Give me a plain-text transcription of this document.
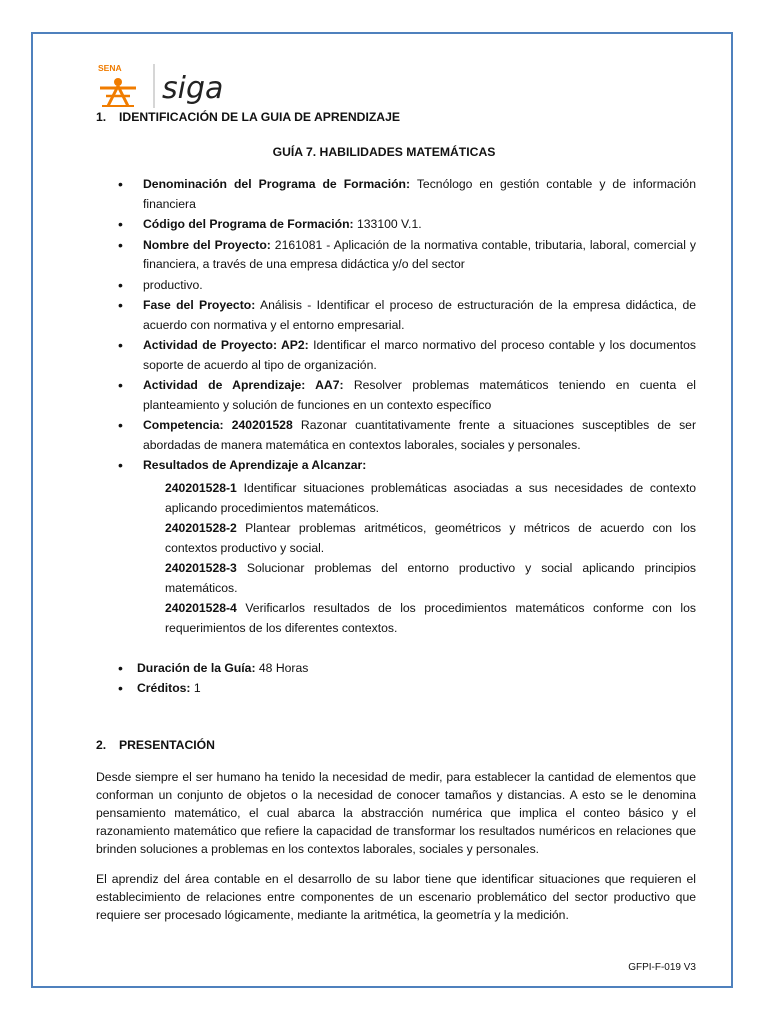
SENA
siga
1. IDENTIFICACIÓN DE LA GUIA DE APRENDIZAJE
GUÍA 7. HABILIDADES MATEMÁTICAS
• Denominación del Programa de Formación: Tecnólogo en gestión contable y de información financiera
• Código del Programa de Formación: 133100 V.1.
• Nombre del Proyecto: 2161081 - Aplicación de la normativa contable, tributaria, laboral, comercial y financiera, a través de una empresa didáctica y/o del sector
• productivo.
• Fase del Proyecto: Análisis - Identificar el proceso de estructuración de la empresa didáctica, de acuerdo con normativa y el entorno empresarial.
• Actividad de Proyecto: AP2: Identificar el marco normativo del proceso contable y los documentos soporte de acuerdo al tipo de organización.
• Actividad de Aprendizaje: AA7: Resolver problemas matemáticos teniendo en cuenta el planteamiento y solución de funciones en un contexto específico
• Competencia: 240201528 Razonar cuantitativamente frente a situaciones susceptibles de ser abordadas de manera matemática en contextos laborales, sociales y personales.
• Resultados de Aprendizaje a Alcanzar:

240201528-1 Identificar situaciones problemáticas asociadas a sus necesidades de contexto aplicando procedimientos matemáticos.

240201528-2 Plantear problemas aritméticos, geométricos y métricos de acuerdo con los contextos productivo y social.

240201528-3 Solucionar problemas del entorno productivo y social aplicando principios matemáticos.

240201528-4 Verificarlos resultados de los procedimientos matemáticos conforme con los requerimientos de los diferentes contextos.

• Duración de la Guía: 48 Horas
• Créditos: 1
2. PRESENTACIÓN

Desde siempre el ser humano ha tenido la necesidad de medir, para establecer la cantidad de elementos que conforman un conjunto de objetos o la necesidad de conocer tamaños y distancias. A esto se le denomina pensamiento matemático, el cual abarca la abstracción numérica que implica el conteo básico y el razonamiento matemático que refiere la capacidad de transformar los resultados numéricos en relaciones que brinden soluciones a problemas en los contextos laborales, sociales y personales.

El aprendiz del área contable en el desarrollo de su labor tiene que identificar situaciones que requieren el establecimiento de relaciones entre componentes de un escenario problemático del sector productivo que requiere ser procesado lógicamente, mediante la aritmética, la geometría y la medición.

GFPI-F-019 V3
